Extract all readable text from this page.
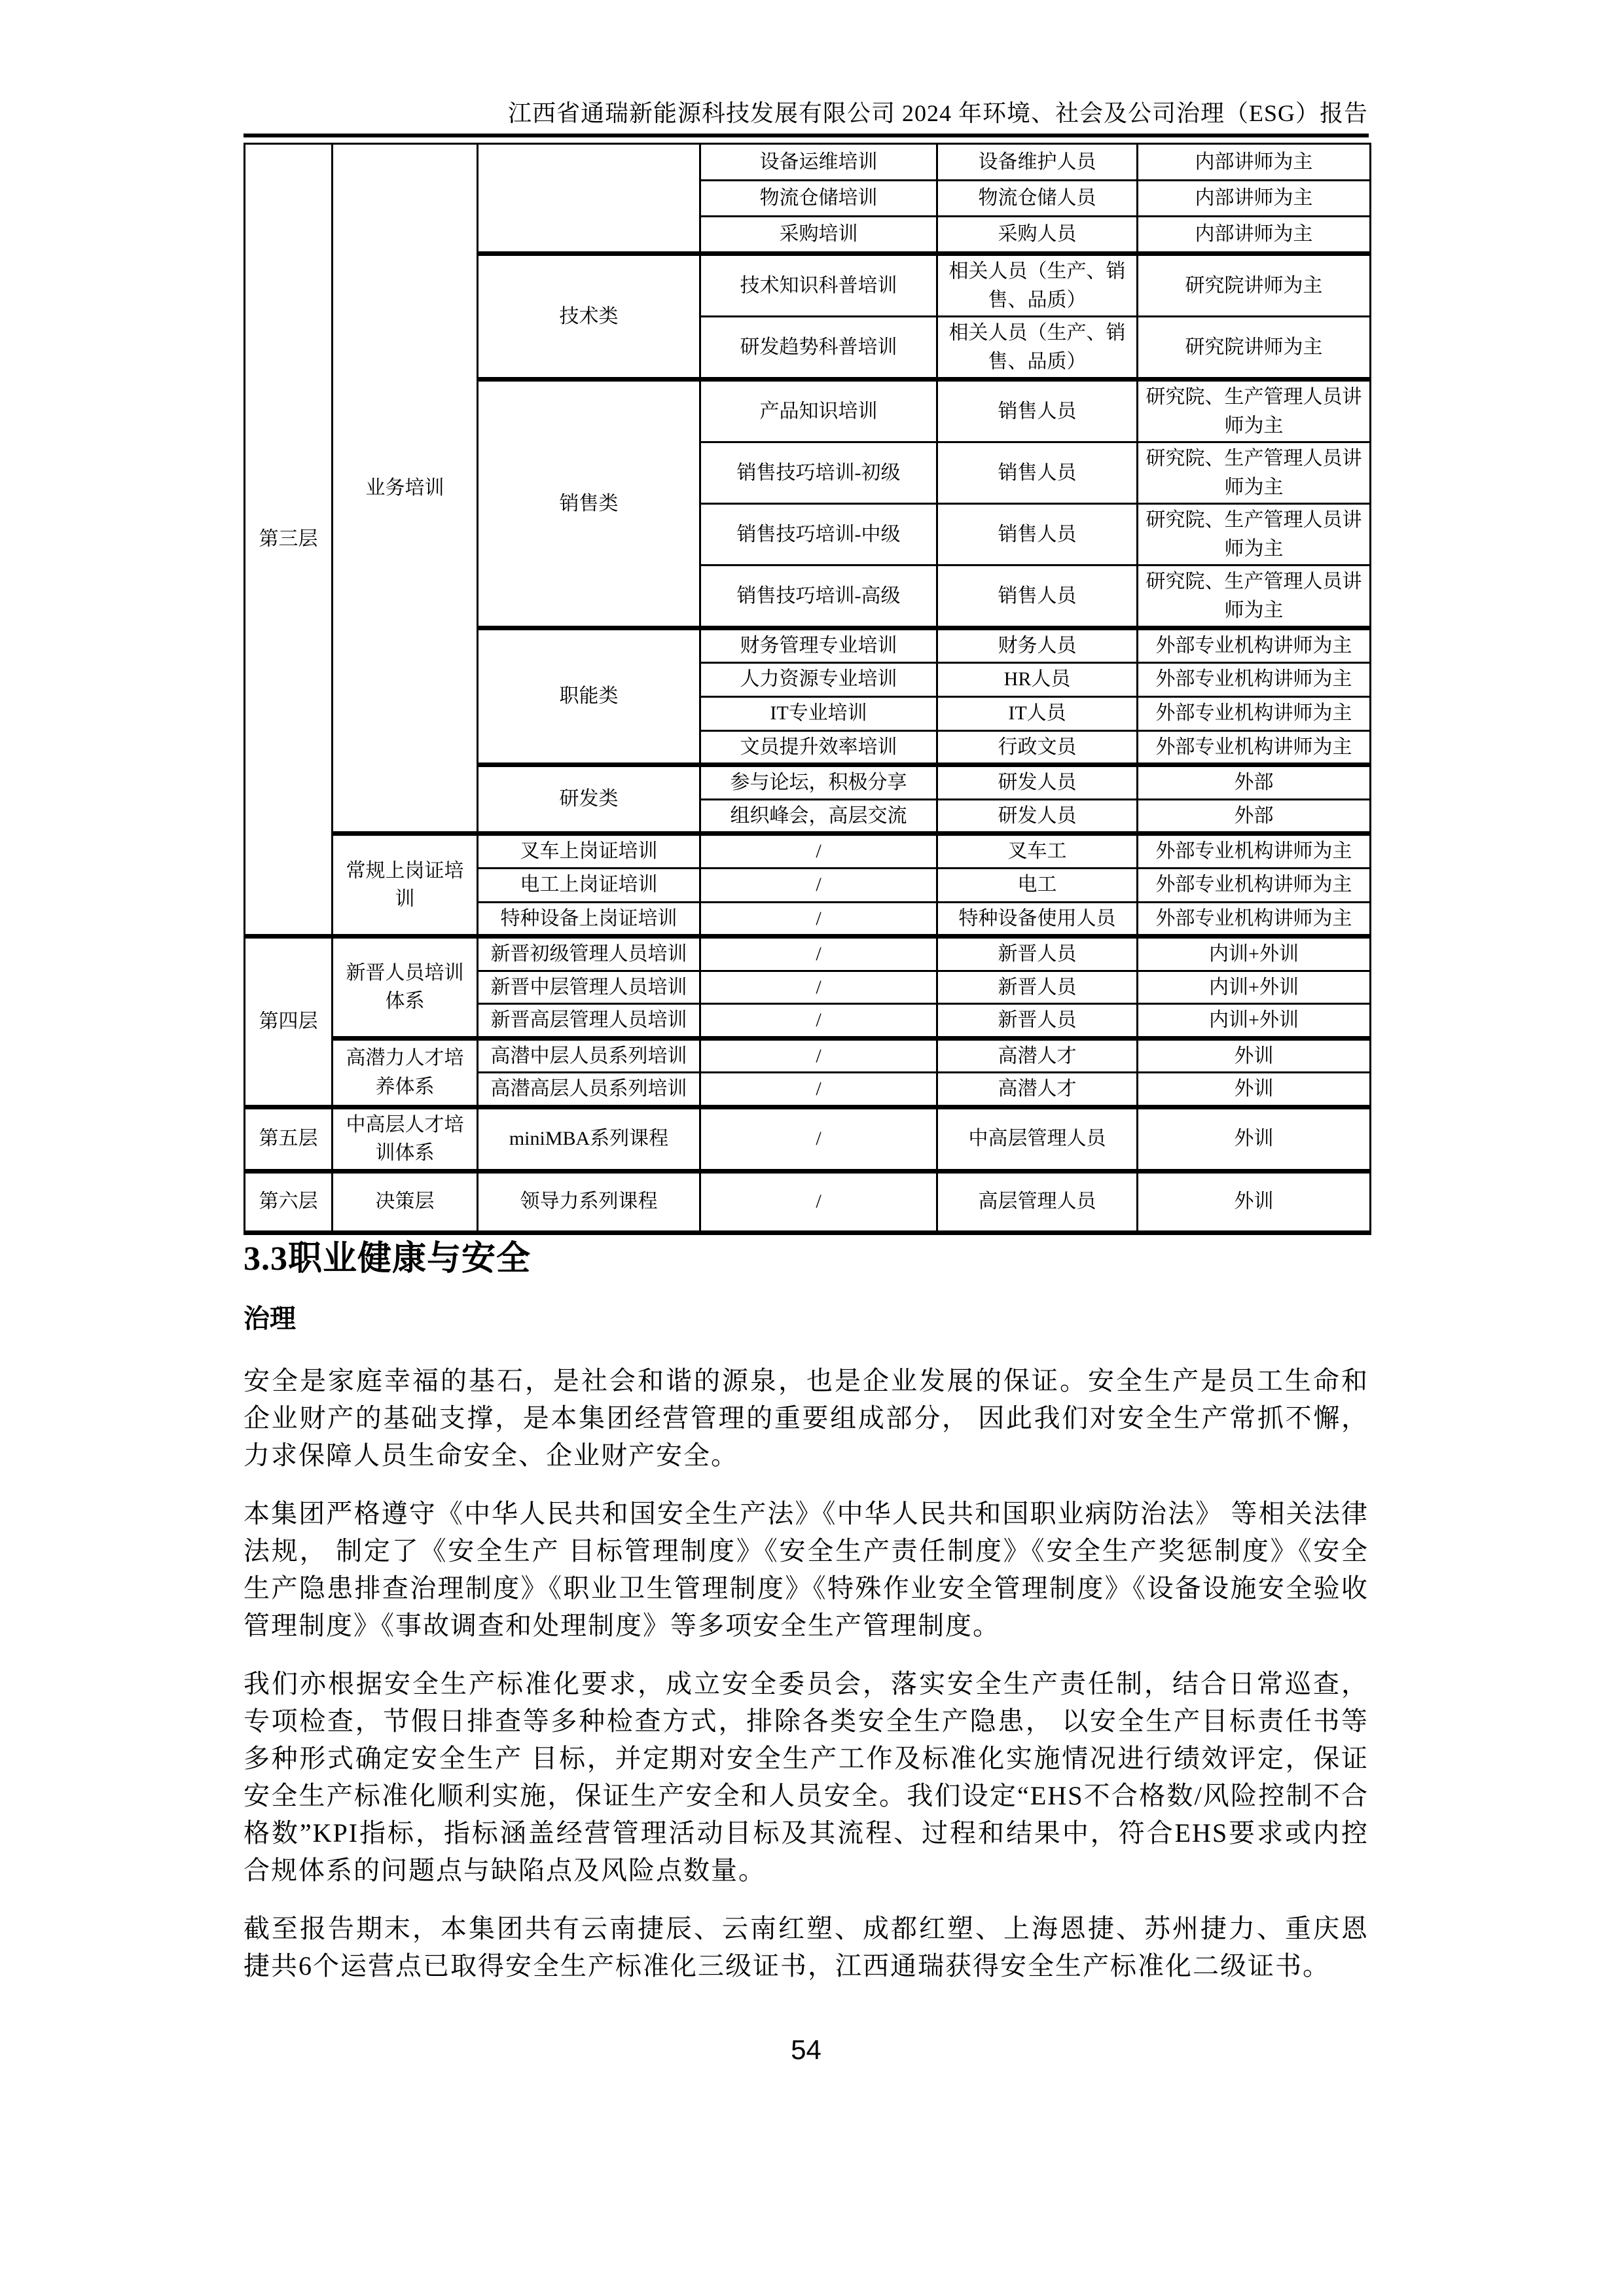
江西省通瑞新能源科技发展有限公司 2024 年环境、社会及公司治理（ESG）报告
第三层	业务培训		设备运维培训	设备维护人员	内部讲师为主
			物流仓储培训	物流仓储人员	内部讲师为主
			采购培训	采购人员	内部讲师为主
		技术类	技术知识科普培训	相关人员（生产、销售、品质）	研究院讲师为主
			研发趋势科普培训	相关人员（生产、销售、品质）	研究院讲师为主
		销售类	产品知识培训	销售人员	研究院、生产管理人员讲师为主
			销售技巧培训-初级	销售人员	研究院、生产管理人员讲师为主
			销售技巧培训-中级	销售人员	研究院、生产管理人员讲师为主
			销售技巧培训-高级	销售人员	研究院、生产管理人员讲师为主
		职能类	财务管理专业培训	财务人员	外部专业机构讲师为主
			人力资源专业培训	HR人员	外部专业机构讲师为主
			IT专业培训	IT人员	外部专业机构讲师为主
			文员提升效率培训	行政文员	外部专业机构讲师为主
		研发类	参与论坛，积极分享	研发人员	外部
			组织峰会，高层交流	研发人员	外部
	常规上岗证培训	叉车上岗证培训	/	叉车工	外部专业机构讲师为主
		电工上岗证培训	/	电工	外部专业机构讲师为主
		特种设备上岗证培训	/	特种设备使用人员	外部专业机构讲师为主
第四层	新晋人员培训体系	新晋初级管理人员培训	/	新晋人员	内训+外训
		新晋中层管理人员培训	/	新晋人员	内训+外训
		新晋高层管理人员培训	/	新晋人员	内训+外训
	高潜力人才培养体系	高潜中层人员系列培训	/	高潜人才	外训
		高潜高层人员系列培训	/	高潜人才	外训
第五层	中高层人才培训体系	miniMBA系列课程	/	中高层管理人员	外训
第六层	决策层	领导力系列课程	/	高层管理人员	外训
3.3职业健康与安全
治理

安全是家庭幸福的基石，是社会和谐的源泉，也是企业发展的保证。安全生产是员工生命和企业财产的基础支撑，是本集团经营管理的重要组成部分， 因此我们对安全生产常抓不懈，力求保障人员生命安全、企业财产安全。

本集团严格遵守《中华人民共和国安全生产法》《中华人民共和国职业病防治法》 等相关法律法规， 制定了《安全生产 目标管理制度》《安全生产责任制度》《安全生产奖惩制度》《安全生产隐患排查治理制度》《职业卫生管理制度》《特殊作业安全管理制度》《设备设施安全验收管理制度》《事故调查和处理制度》等多项安全生产管理制度。

我们亦根据安全生产标准化要求，成立安全委员会，落实安全生产责任制，结合日常巡查，专项检查，节假日排查等多种检查方式，排除各类安全生产隐患， 以安全生产目标责任书等多种形式确定安全生产 目标，并定期对安全生产工作及标准化实施情况进行绩效评定，保证安全生产标准化顺利实施，保证生产安全和人员安全。我们设定“EHS不合格数/风险控制不合格数”KPI指标，指标涵盖经营管理活动目标及其流程、过程和结果中，符合EHS要求或内控合规体系的问题点与缺陷点及风险点数量。

截至报告期末，本集团共有云南捷辰、云南红塑、成都红塑、上海恩捷、苏州捷力、重庆恩捷共6个运营点已取得安全生产标准化三级证书，江西通瑞获得安全生产标准化二级证书。

54
